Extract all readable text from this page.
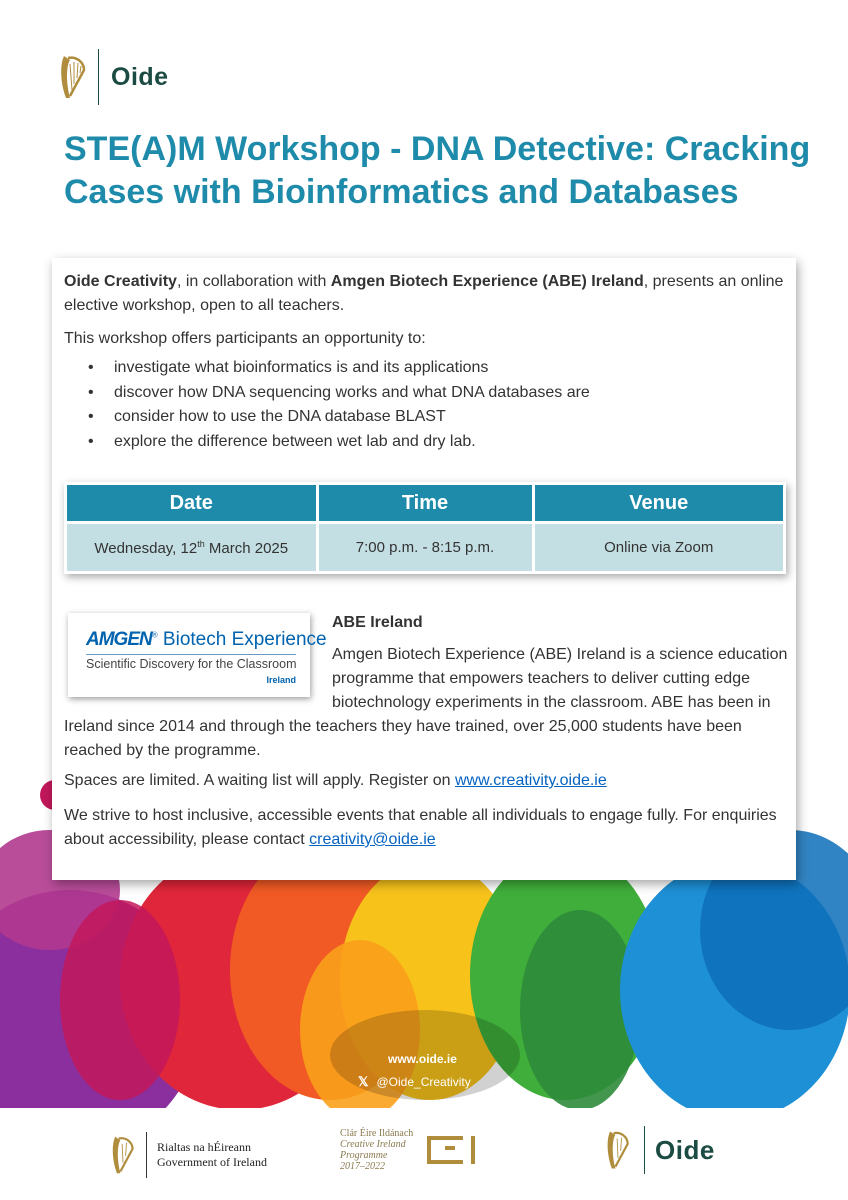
Oide
STE(A)M Workshop - DNA Detective: Cracking Cases with Bioinformatics and Databases

Oide Creativity, in collaboration with Amgen Biotech Experience (ABE) Ireland, presents an online elective workshop, open to all teachers.

This workshop offers participants an opportunity to:

•	investigate what bioinformatics is and its applications
•	discover how DNA sequencing works and what DNA databases are
•	consider how to use the DNA database BLAST
•	explore the difference between wet lab and dry lab.
Date	Time	Venue
Wednesday, 12th March 2025	7:00 p.m. - 8:15 p.m.	Online via Zoom
AMGEN® Biotech Experience
Scientific Discovery for the Classroom
Ireland
ABE Ireland

Amgen Biotech Experience (ABE) Ireland is a science education programme that empowers teachers to deliver cutting edge biotechnology experiments in the classroom. ABE has been in Ireland since 2014 and through the teachers they have trained, over 25,000 students have been reached by the programme.

Spaces are limited. A waiting list will apply. Register on www.creativity.oide.ie

We strive to host inclusive, accessible events that enable all individuals to engage fully. For enquiries about accessibility, please contact creativity@oide.ie

www.oide.ie
𝕏 @Oide_Creativity
Rialtas na hÉireann
Government of Ireland
Clár Éire Ildánach
Creative Ireland
Programme
2017–2022
Oide
